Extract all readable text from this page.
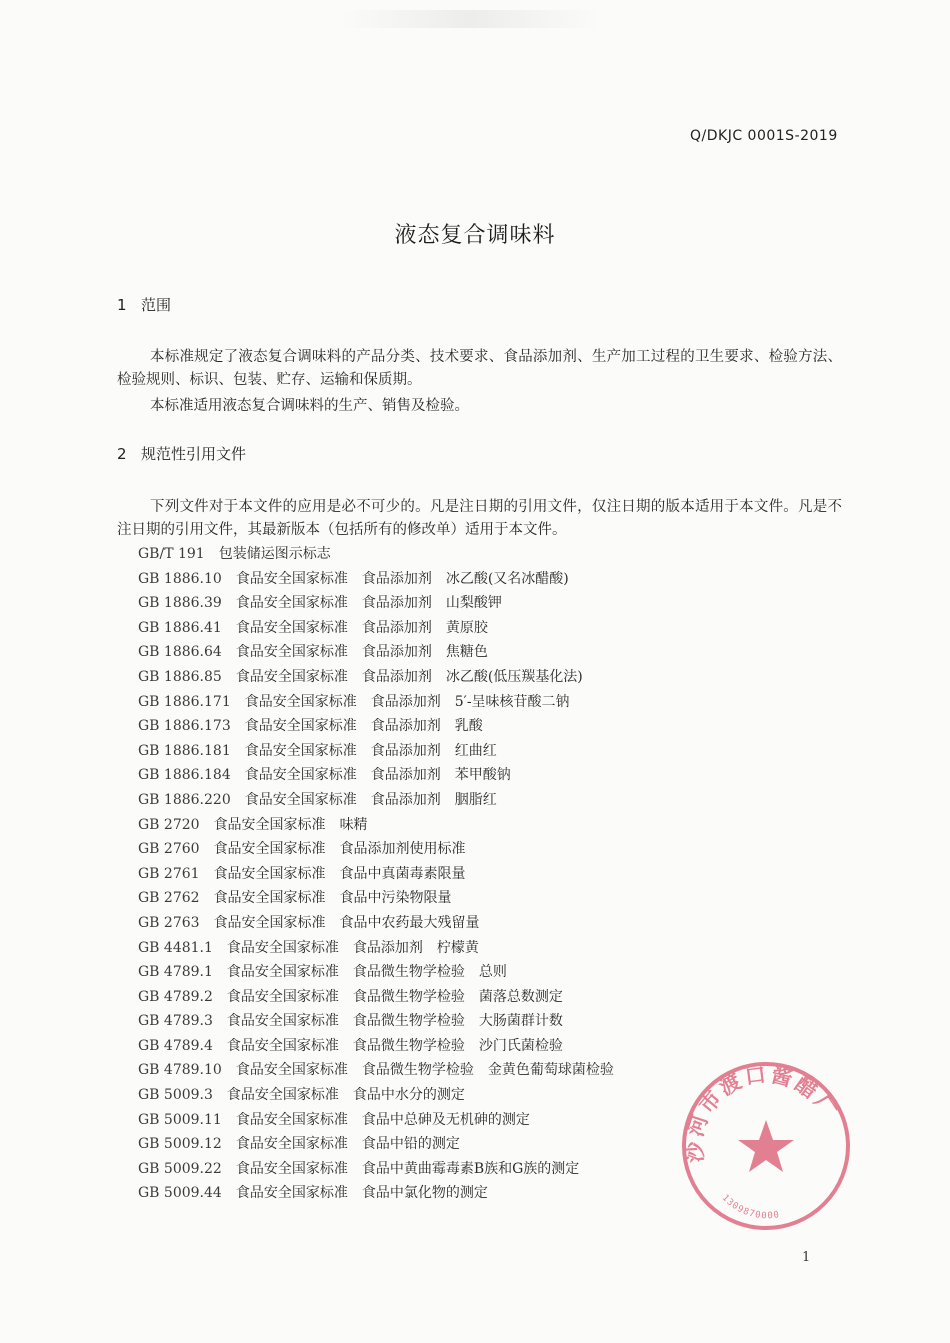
Q/DKJC 0001S-2019
液态复合调味料
1 范围
本标准规定了液态复合调味料的产品分类、技术要求、食品添加剂、生产加工过程的卫生要求、检验方法、检验规则、标识、包装、贮存、运输和保质期。
本标准适用液态复合调味料的生产、销售及检验。
2 规范性引用文件
下列文件对于本文件的应用是必不可少的。凡是注日期的引用文件，仅注日期的版本适用于本文件。凡是不注日期的引用文件，其最新版本（包括所有的修改单）适用于本文件。
GB/T 191 包装储运图示标志
GB 1886.10 食品安全国家标准 食品添加剂 冰乙酸(又名冰醋酸)
GB 1886.39 食品安全国家标准 食品添加剂 山梨酸钾
GB 1886.41 食品安全国家标准 食品添加剂 黄原胶
GB 1886.64 食品安全国家标准 食品添加剂 焦糖色
GB 1886.85 食品安全国家标准 食品添加剂 冰乙酸(低压羰基化法)
GB 1886.171 食品安全国家标准 食品添加剂 5′-呈味核苷酸二钠
GB 1886.173 食品安全国家标准 食品添加剂 乳酸
GB 1886.181 食品安全国家标准 食品添加剂 红曲红
GB 1886.184 食品安全国家标准 食品添加剂 苯甲酸钠
GB 1886.220 食品安全国家标准 食品添加剂 胭脂红
GB 2720 食品安全国家标准 味精
GB 2760 食品安全国家标准 食品添加剂使用标准
GB 2761 食品安全国家标准 食品中真菌毒素限量
GB 2762 食品安全国家标准 食品中污染物限量
GB 2763 食品安全国家标准 食品中农药最大残留量
GB 4481.1 食品安全国家标准 食品添加剂 柠檬黄
GB 4789.1 食品安全国家标准 食品微生物学检验 总则
GB 4789.2 食品安全国家标准 食品微生物学检验 菌落总数测定
GB 4789.3 食品安全国家标准 食品微生物学检验 大肠菌群计数
GB 4789.4 食品安全国家标准 食品微生物学检验 沙门氏菌检验
GB 4789.10 食品安全国家标准 食品微生物学检验 金黄色葡萄球菌检验
GB 5009.3 食品安全国家标准 食品中水分的测定
GB 5009.11 食品安全国家标准 食品中总砷及无机砷的测定
GB 5009.12 食品安全国家标准 食品中铅的测定
GB 5009.22 食品安全国家标准 食品中黄曲霉毒素B族和G族的测定
GB 5009.44 食品安全国家标准 食品中氯化物的测定
沙河市渡口酱醋厂
1309870000
1
